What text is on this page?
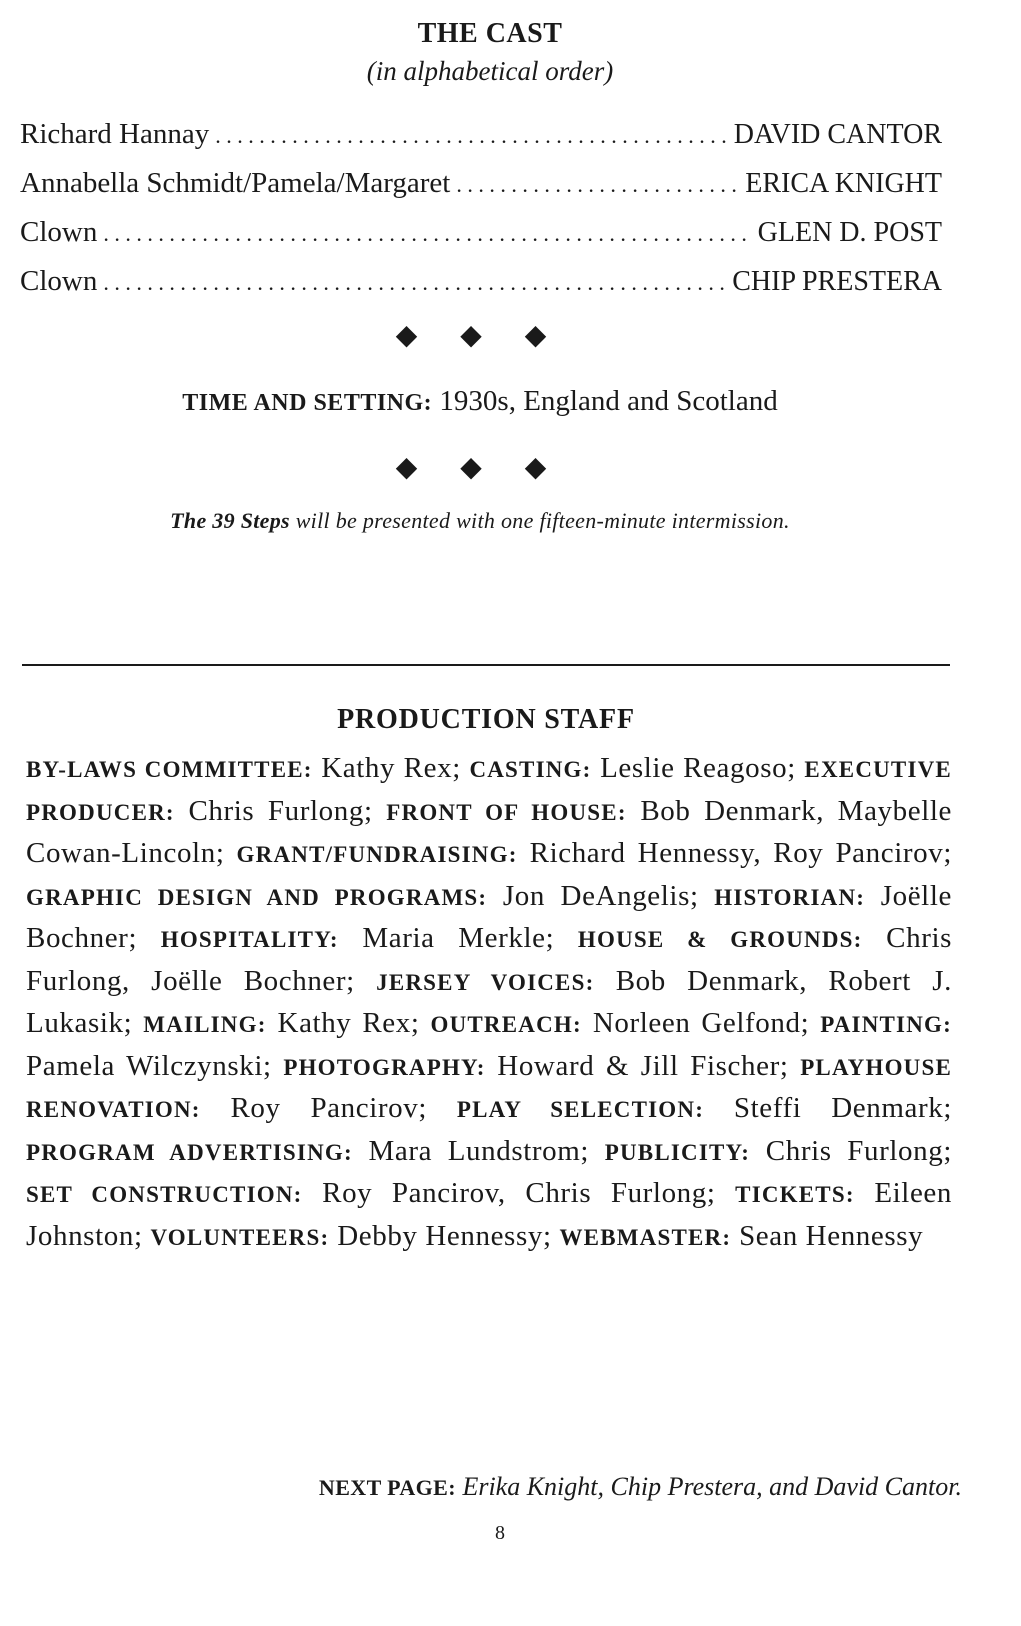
THE CAST
(in alphabetical order)
Richard Hannay . . .	DAVID CANTOR
Annabella Schmidt/Pamela/Margaret . . .	ERICA KNIGHT
Clown . . .	GLEN D. POST
Clown . . .	CHIP PRESTERA
◆ ◆ ◆
TIME AND SETTING: 1930s, England and Scotland
◆ ◆ ◆
The 39 Steps will be presented with one fifteen-minute intermission.
PRODUCTION STAFF
BY-LAWS COMMITTEE: Kathy Rex; CASTING: Leslie Reagoso; EXECUTIVE PRODUCER: Chris Furlong; FRONT OF HOUSE: Bob Denmark, Maybelle Cowan-Lincoln; GRANT/FUNDRAISING: Richard Hennessy, Roy Pancirov; GRAPHIC DESIGN AND PROGRAMS: Jon DeAngelis; HISTORIAN: Joëlle Bochner; HOSPITALITY: Maria Merkle; HOUSE & GROUNDS: Chris Furlong, Joëlle Bochner; JERSEY VOICES: Bob Denmark, Robert J. Lukasik; MAILING: Kathy Rex; OUTREACH: Norleen Gelfond; PAINTING: Pamela Wilczynski; PHOTOGRAPHY: Howard & Jill Fischer; PLAYHOUSE RENOVATION: Roy Pancirov; PLAY SELECTION: Steffi Denmark; PROGRAM ADVERTISING: Mara Lundstrom; PUBLICITY: Chris Furlong; SET CONSTRUCTION: Roy Pancirov, Chris Furlong; TICKETS: Eileen Johnston; VOLUNTEERS: Debby Hennessy; WEBMASTER: Sean Hennessy
NEXT PAGE: Erika Knight, Chip Prestera, and David Cantor.
8
